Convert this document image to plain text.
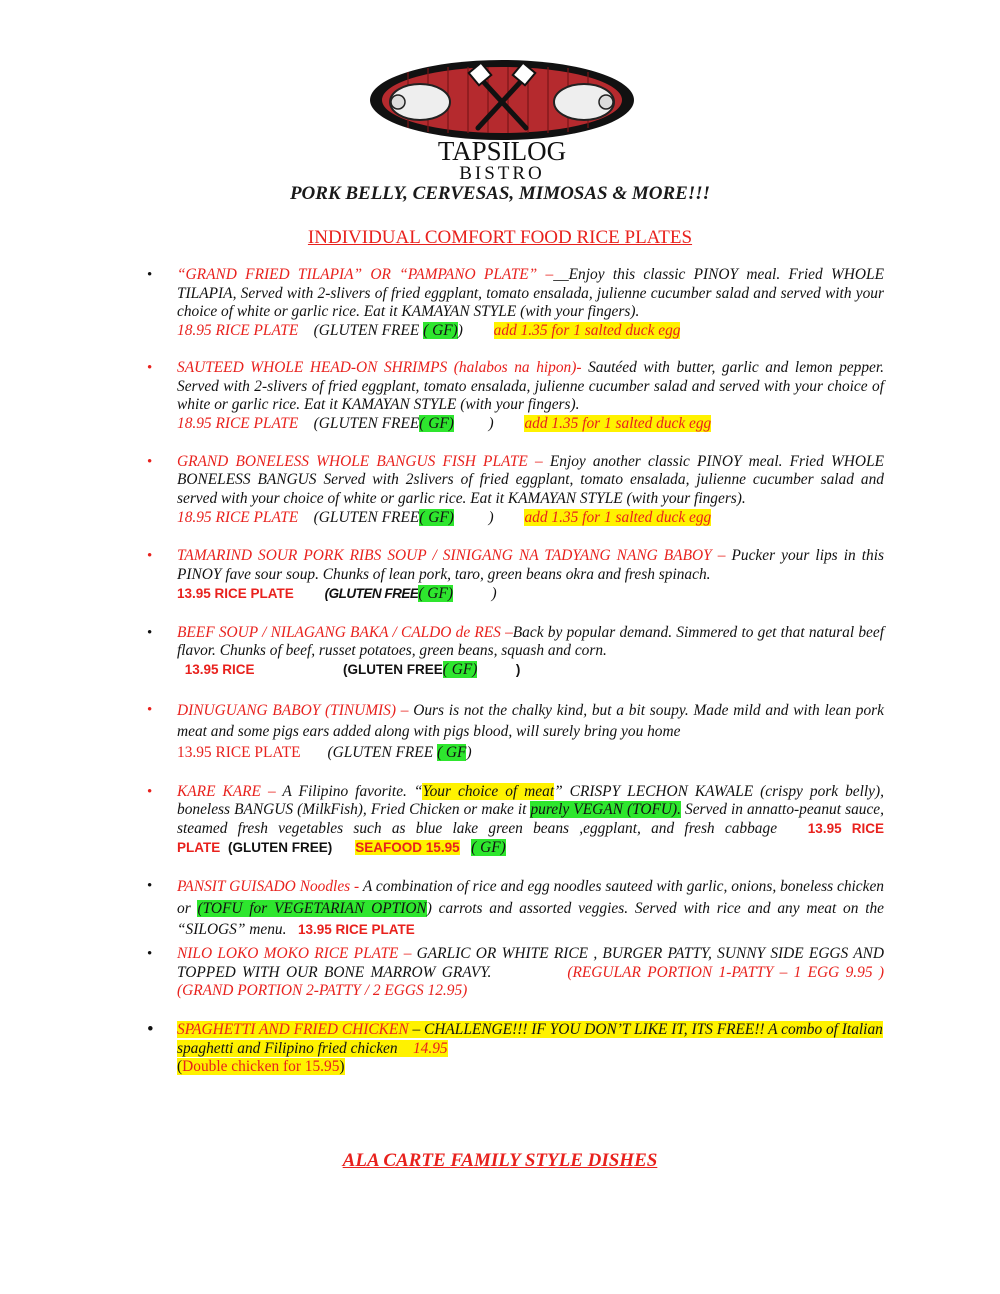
TAPSILOG
BISTRO
PORK BELLY, CERVESAS, MIMOSAS & MORE!!!
INDIVIDUAL COMFORT FOOD RICE PLATES
• “GRAND FRIED TILAPIA” OR “PAMPANO PLATE” –__Enjoy this classic PINOY meal. Fried WHOLE TILAPIA, Served with 2-slivers of fried eggplant, tomato ensalada, julienne cucumber salad and served with your choice of white or garlic rice. Eat it KAMAYAN STYLE (with your fingers).
18.95 RICE PLATE (GLUTEN FREE ( GF)) add 1.35 for 1 salted duck egg
• SAUTEED WHOLE HEAD-ON SHRIMPS (halabos na hipon)- Sautéed with butter, garlic and lemon pepper. Served with 2-slivers of fried eggplant, tomato ensalada, julienne cucumber salad and served with your choice of white or garlic rice. Eat it KAMAYAN STYLE (with your fingers).
18.95 RICE PLATE (GLUTEN FREE( GF) ) add 1.35 for 1 salted duck egg
• GRAND BONELESS WHOLE BANGUS FISH PLATE – Enjoy another classic PINOY meal. Fried WHOLE BONELESS BANGUS Served with 2slivers of fried eggplant, tomato ensalada, julienne cucumber salad and served with your choice of white or garlic rice. Eat it KAMAYAN STYLE (with your fingers).
18.95 RICE PLATE (GLUTEN FREE( GF) ) add 1.35 for 1 salted duck egg
• TAMARIND SOUR PORK RIBS SOUP / SINIGANG NA TADYANG NANG BABOY – Pucker your lips in this PINOY fave sour soup. Chunks of lean pork, taro, green beans okra and fresh spinach.
13.95 RICE PLATE (GLUTEN FREE( GF) )
• BEEF SOUP / NILAGANG BAKA / CALDO de RES –Back by popular demand. Simmered to get that natural beef flavor. Chunks of beef, russet potatoes, green beans, squash and corn.
13.95 RICE	(GLUTEN FREE( GF)	)
• DINUGUANG BABOY (TINUMIS) – Ours is not the chalky kind, but a bit soupy. Made mild and with lean pork meat and some pigs ears added along with pigs blood, will surely bring you home
13.95 RICE PLATE (GLUTEN FREE ( GF)
• KARE KARE – A Filipino favorite. “Your choice of meat” CRISPY LECHON KAWALE (crispy pork belly), boneless BANGUS (MilkFish), Fried Chicken or make it purely VEGAN (TOFU). Served in annatto-peanut sauce, steamed fresh vegetables such as blue lake green beans ,eggplant, and fresh cabbage 13.95 RICE PLATE (GLUTEN FREE) SEAFOOD 15.95 ( GF)
• PANSIT GUISADO Noodles - A combination of rice and egg noodles sauteed with garlic, onions, boneless chicken or (TOFU for VEGETARIAN OPTION) carrots and assorted veggies. Served with rice and any meat on the “SILOGS” menu. 13.95 RICE PLATE
• NILO LOKO MOKO RICE PLATE – GARLIC OR WHITE RICE , BURGER PATTY, SUNNY SIDE EGGS AND TOPPED WITH OUR BONE MARROW GRAVY.	(REGULAR PORTION 1-PATTY – 1 EGG 9.95 ) (GRAND PORTION 2-PATTY / 2 EGGS 12.95)
• SPAGHETTI AND FRIED CHICKEN – CHALLENGE!!! IF YOU DON’T LIKE IT, ITS FREE!! A combo of Italian spaghetti and Filipino fried chicken 14.95
(Double chicken for 15.95)
ALA CARTE FAMILY STYLE DISHES
